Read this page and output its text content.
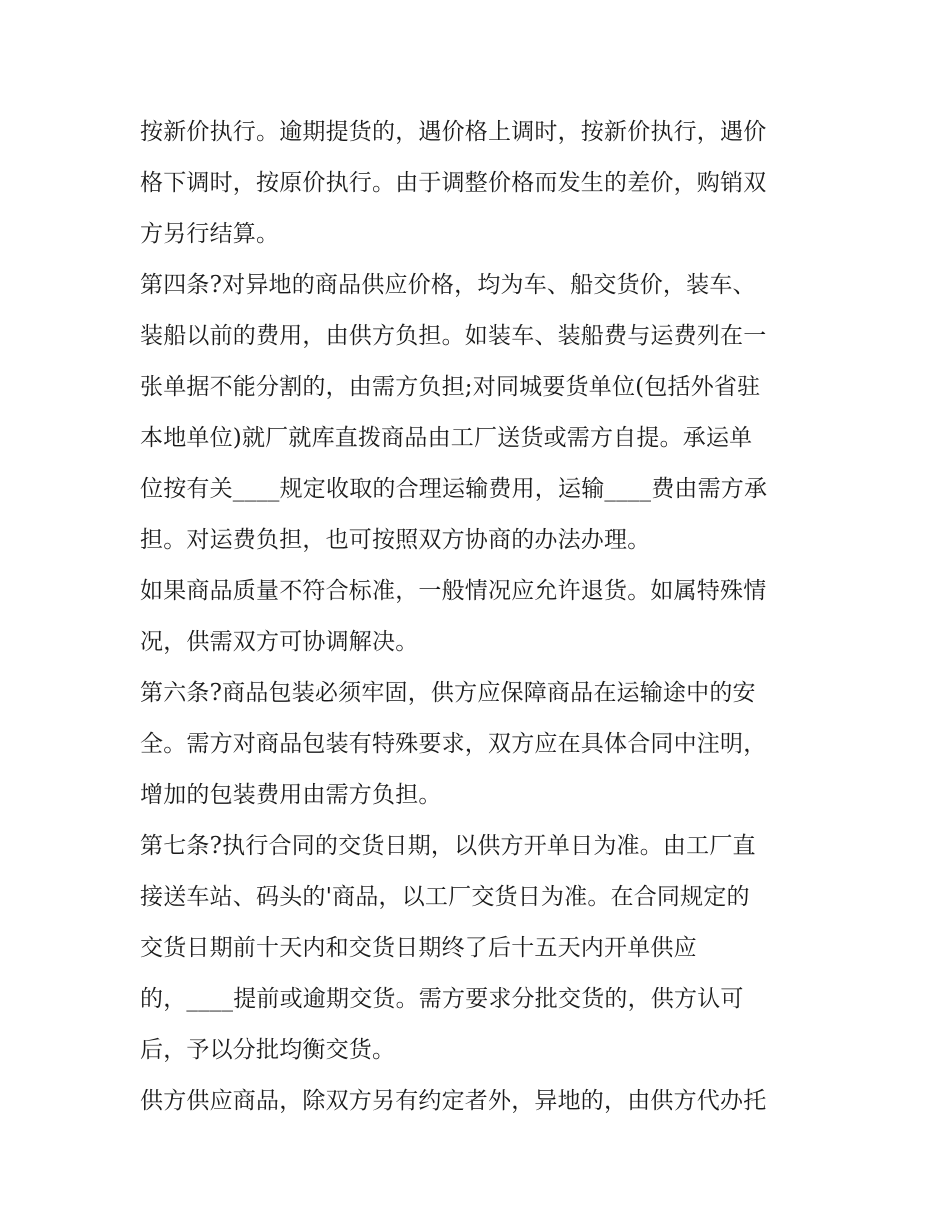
按新价执行。逾期提货的，遇价格上调时，按新价执行，遇价
格下调时，按原价执行。由于调整价格而发生的差价，购销双
方另行结算。
第四条?对异地的商品供应价格，均为车、船交货价，装车、
装船以前的费用，由供方负担。如装车、装船费与运费列在一
张单据不能分割的，由需方负担;对同城要货单位(包括外省驻
本地单位)就厂就库直拨商品由工厂送货或需方自提。承运单
位按有关____规定收取的合理运输费用，运输____费由需方承
担。对运费负担，也可按照双方协商的办法办理。
如果商品质量不符合标准，一般情况应允许退货。如属特殊情
况，供需双方可协调解决。
第六条?商品包装必须牢固，供方应保障商品在运输途中的安
全。需方对商品包装有特殊要求，双方应在具体合同中注明，
增加的包装费用由需方负担。
第七条?执行合同的交货日期，以供方开单日为准。由工厂直
接送车站、码头的'商品，以工厂交货日为准。在合同规定的
交货日期前十天内和交货日期终了后十五天内开单供应
的，____提前或逾期交货。需方要求分批交货的，供方认可
后，予以分批均衡交货。
供方供应商品，除双方另有约定者外，异地的，由供方代办托
